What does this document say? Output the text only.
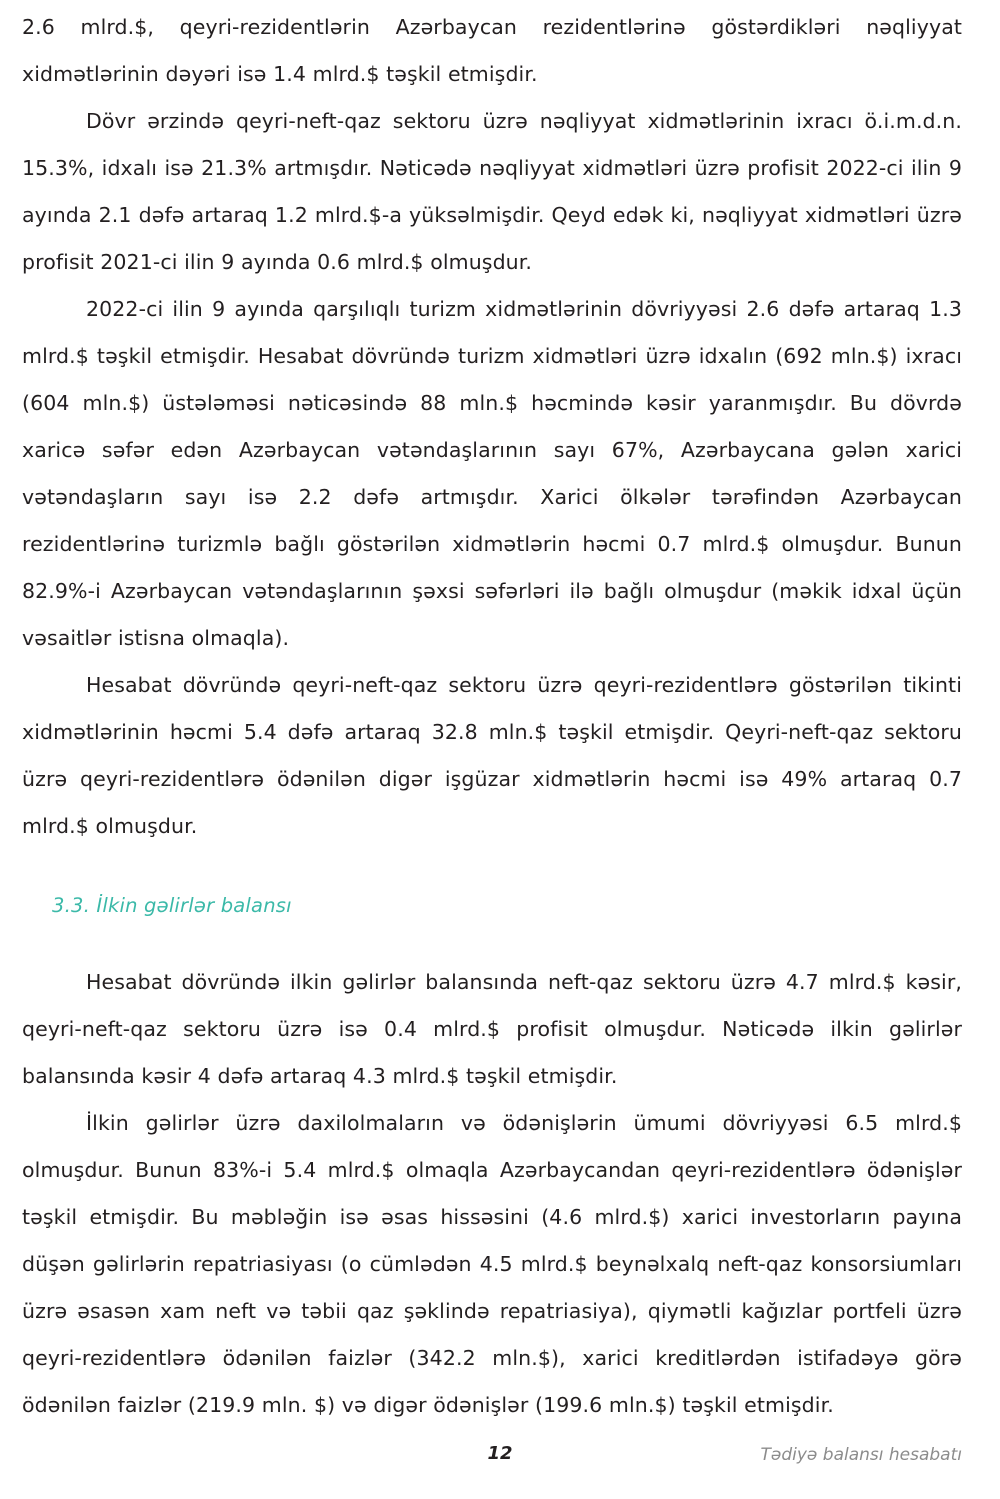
2.6 mlrd.$, qeyri-rezidentlərin Azərbaycan rezidentlərinə göstərdikləri nəqliyyat xidmətlərinin dəyəri isə 1.4 mlrd.$ təşkil etmişdir.

Dövr ərzində qeyri-neft-qaz sektoru üzrə nəqliyyat xidmətlərinin ixracı ö.i.m.d.n. 15.3%, idxalı isə 21.3% artmışdır. Nəticədə nəqliyyat xidmətləri üzrə profisit 2022-ci ilin 9 ayında 2.1 dəfə artaraq 1.2 mlrd.$-a yüksəlmişdir. Qeyd edək ki, nəqliyyat xidmətləri üzrə profisit 2021-ci ilin 9 ayında 0.6 mlrd.$ olmuşdur.

2022-ci ilin 9 ayında qarşılıqlı turizm xidmətlərinin dövriyyəsi 2.6 dəfə artaraq 1.3 mlrd.$ təşkil etmişdir. Hesabat dövründə turizm xidmətləri üzrə idxalın (692 mln.$) ixracı (604 mln.$) üstələməsi nəticəsində 88 mln.$ həcmində kəsir yaranmışdır. Bu dövrdə xaricə səfər edən Azərbaycan vətəndaşlarının sayı 67%, Azərbaycana gələn xarici vətəndaşların sayı isə 2.2 dəfə artmışdır. Xarici ölkələr tərəfindən Azərbaycan rezidentlərinə turizmlə bağlı göstərilən xidmətlərin həcmi 0.7 mlrd.$ olmuşdur. Bunun 82.9%-i Azərbaycan vətəndaşlarının şəxsi səfərləri ilə bağlı olmuşdur (məkik idxal üçün vəsaitlər istisna olmaqla).

Hesabat dövründə qeyri-neft-qaz sektoru üzrə qeyri-rezidentlərə göstərilən tikinti xidmətlərinin həcmi 5.4 dəfə artaraq 32.8 mln.$ təşkil etmişdir. Qeyri-neft-qaz sektoru üzrə qeyri-rezidentlərə ödənilən digər işgüzar xidmətlərin həcmi isə 49% artaraq 0.7 mlrd.$ olmuşdur.

3.3. İlkin gəlirlər balansı

Hesabat dövründə ilkin gəlirlər balansında neft-qaz sektoru üzrə 4.7 mlrd.$ kəsir, qeyri-neft-qaz sektoru üzrə isə 0.4 mlrd.$ profisit olmuşdur. Nəticədə ilkin gəlirlər balansında kəsir 4 dəfə artaraq 4.3 mlrd.$ təşkil etmişdir.

İlkin gəlirlər üzrə daxilolmaların və ödənişlərin ümumi dövriyyəsi 6.5 mlrd.$ olmuşdur. Bunun 83%-i 5.4 mlrd.$ olmaqla Azərbaycandan qeyri-rezidentlərə ödənişlər təşkil etmişdir. Bu məbləğin isə əsas hissəsini (4.6 mlrd.$) xarici investorların payına düşən gəlirlərin repatriasiyası (o cümlədən 4.5 mlrd.$ beynəlxalq neft-qaz konsorsiumları üzrə əsasən xam neft və təbii qaz şəklində repatriasiya), qiymətli kağızlar portfeli üzrə qeyri-rezidentlərə ödənilən faizlər (342.2 mln.$), xarici kreditlərdən istifadəyə görə ödənilən faizlər (219.9 mln. $) və digər ödənişlər (199.6 mln.$) təşkil etmişdir.

12	Tədiyə balansı hesabatı
